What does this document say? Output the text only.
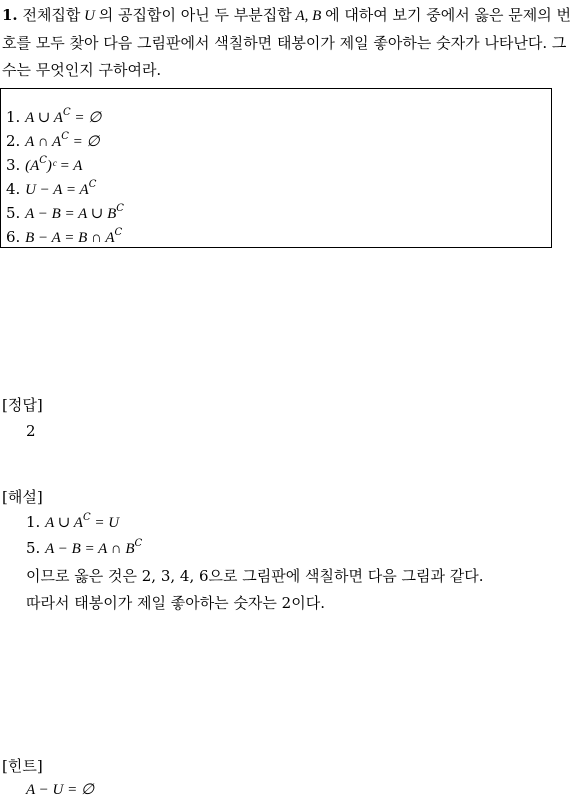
1. 전체집합 U 의 공집합이 아닌 두 부분집합 A, B 에 대하여 보기 중에서 옳은 문제의 번호를 모두 찾아 다음 그림판에서 색칠하면 태봉이가 제일 좋아하는 숫자가 나타난다. 그 수는 무엇인지 구하여라.
1. A ∪ $A^C$ = ∅
2. A ∩ $A^C$ = ∅
3. $(A^C)ᶜ = A$
4. $U - A = A^C$
5. A − B = A ∪ $B^C$
6. B − A = B ∩ $A^C$
[정답]
2
[해설]
1. A ∪ $A^C = U$
5. A − B = A ∩ $B^C$
이므로 옳은 것은 2, 3, 4, 6으로 그림판에 색칠하면 다음 그림과 같다.
따라서 태봉이가 제일 좋아하는 숫자는 2이다.
[힌트]
A − U = ∅
